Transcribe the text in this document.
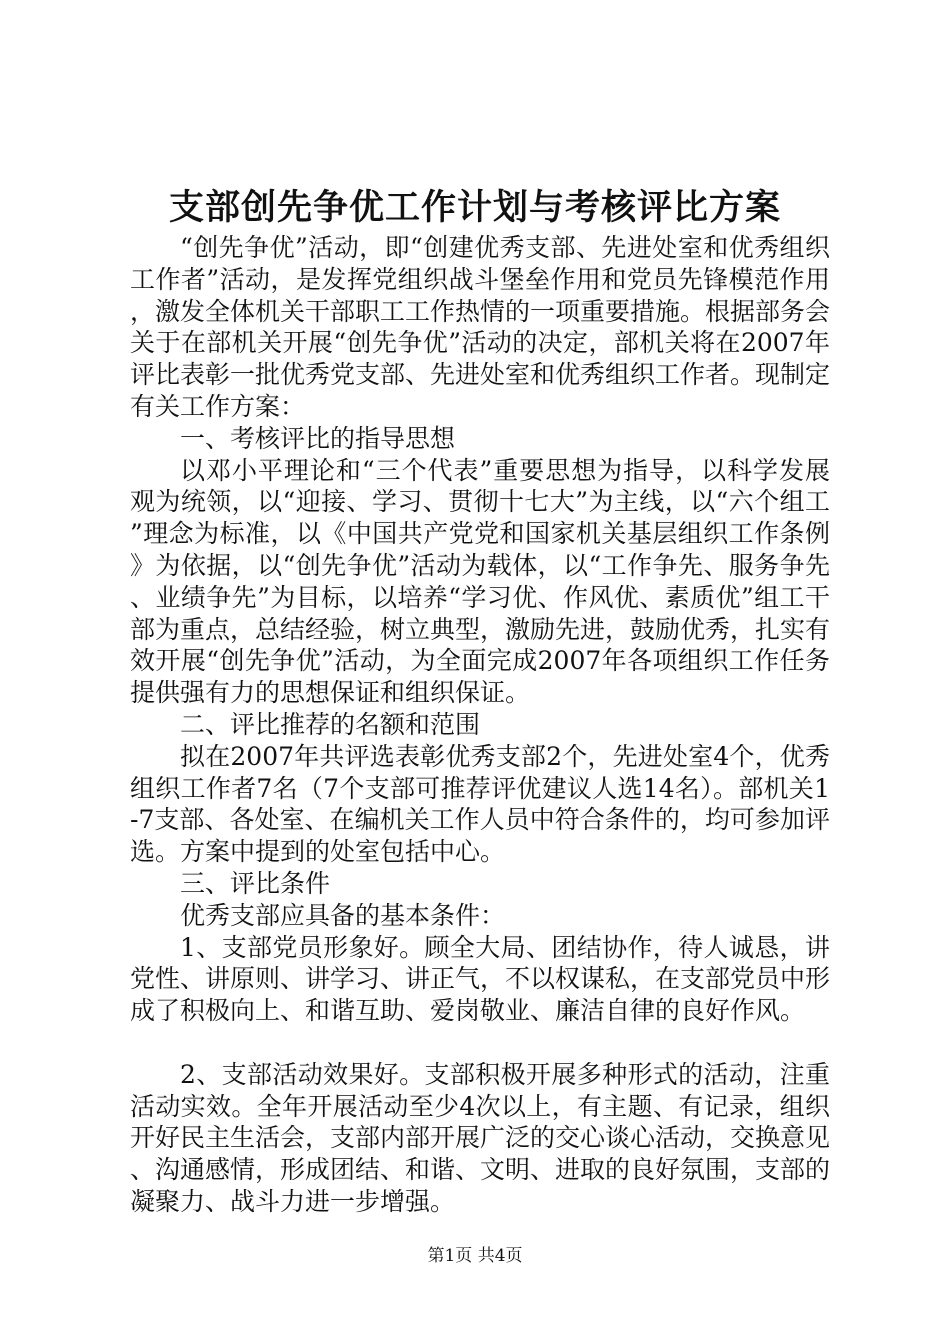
支部创先争优工作计划与考核评比方案

“创先争优”活动，即“创建优秀支部、先进处室和优秀组织工作者”活动，是发挥党组织战斗堡垒作用和党员先锋模范作用，激发全体机关干部职工工作热情的一项重要措施。根据部务会关于在部机关开展“创先争优”活动的决定，部机关将在2007年评比表彰一批优秀党支部、先进处室和优秀组织工作者。现制定有关工作方案：

一、考核评比的指导思想

以邓小平理论和“三个代表”重要思想为指导，以科学发展观为统领，以“迎接、学习、贯彻十七大”为主线，以“六个组工”理念为标准，以《中国共产党党和国家机关基层组织工作条例》为依据，以“创先争优”活动为载体，以“工作争先、服务争先、业绩争先”为目标，以培养“学习优、作风优、素质优”组工干部为重点，总结经验，树立典型，激励先进，鼓励优秀，扎实有效开展“创先争优”活动，为全面完成2007年各项组织工作任务提供强有力的思想保证和组织保证。

二、评比推荐的名额和范围

拟在2007年共评选表彰优秀支部2个，先进处室4个，优秀组织工作者7名（7个支部可推荐评优建议人选14名）。部机关1-7支部、各处室、在编机关工作人员中符合条件的，均可参加评选。方案中提到的处室包括中心。

三、评比条件

优秀支部应具备的基本条件：

1、支部党员形象好。顾全大局、团结协作，待人诚恳，讲党性、讲原则、讲学习、讲正气，不以权谋私，在支部党员中形成了积极向上、和谐互助、爱岗敬业、廉洁自律的良好作风。

2、支部活动效果好。支部积极开展多种形式的活动，注重活动实效。全年开展活动至少4次以上，有主题、有记录，组织开好民主生活会，支部内部开展广泛的交心谈心活动，交换意见、沟通感情，形成团结、和谐、文明、进取的良好氛围，支部的凝聚力、战斗力进一步增强。

第1页 共4页
